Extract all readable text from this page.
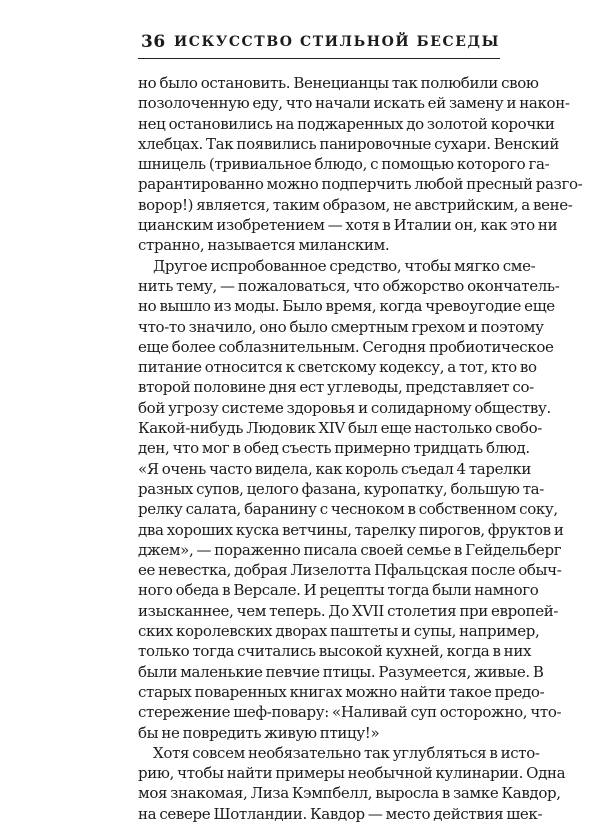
36 ИСКУССТВО СТИЛЬНОЙ БЕСЕДЫ
но было остановить. Венецианцы так полюбили свою
позолоченную еду, что начали искать ей замену и након-
нец остановились на поджаренных до золотой корочки
хлебцах. Так появились панировочные сухари. Венский
шницель (тривиальное блюдо, с помощью которого га-
рарантированно можно подперчить любой пресный разго-
ворор!) является, таким образом, не австрийским, а вене-
цианским изобретением — хотя в Италии он, как это ни
странно, называется миланским.
Другое испробованное средство, чтобы мягко сме-
нить тему, — пожаловаться, что обжорство окончатель-
но вышло из моды. Было время, когда чревоугодие еще
что-то значило, оно было смертным грехом и поэтому
еще более соблазнительным. Сегодня пробиотическое
питание относится к светскому кодексу, а тот, кто во
второй половине дня ест углеводы, представляет со-
бой угрозу системе здоровья и солидарному обществу.
Какой-нибудь Людовик XIV был еще настолько свобо-
ден, что мог в обед съесть примерно тридцать блюд.
«Я очень часто видела, как король съедал 4 тарелки
разных супов, целого фазана, куропатку, большую та-
релку салата, баранину с чесноком в собственном соку,
два хороших куска ветчины, тарелку пирогов, фруктов и
джем», — пораженно писала своей семье в Гейдельберг
ее невестка, добрая Лизелотта Пфальцская после обыч-
ного обеда в Версале. И рецепты тогда были намного
изысканнее, чем теперь. До XVII столетия при европей-
ских королевских дворах паштеты и супы, например,
только тогда считались высокой кухней, когда в них
были маленькие певчие птицы. Разумеется, живые. В
старых поваренных книгах можно найти такое предо-
стережение шеф-повару: «Наливай суп осторожно, что-
бы не повредить живую птицу!»
Хотя совсем необязательно так углубляться в исто-
рию, чтобы найти примеры необычной кулинарии. Одна
моя знакомая, Лиза Кэмпбелл, выросла в замке Кавдор,
на севере Шотландии. Кавдор — место действия шек-
